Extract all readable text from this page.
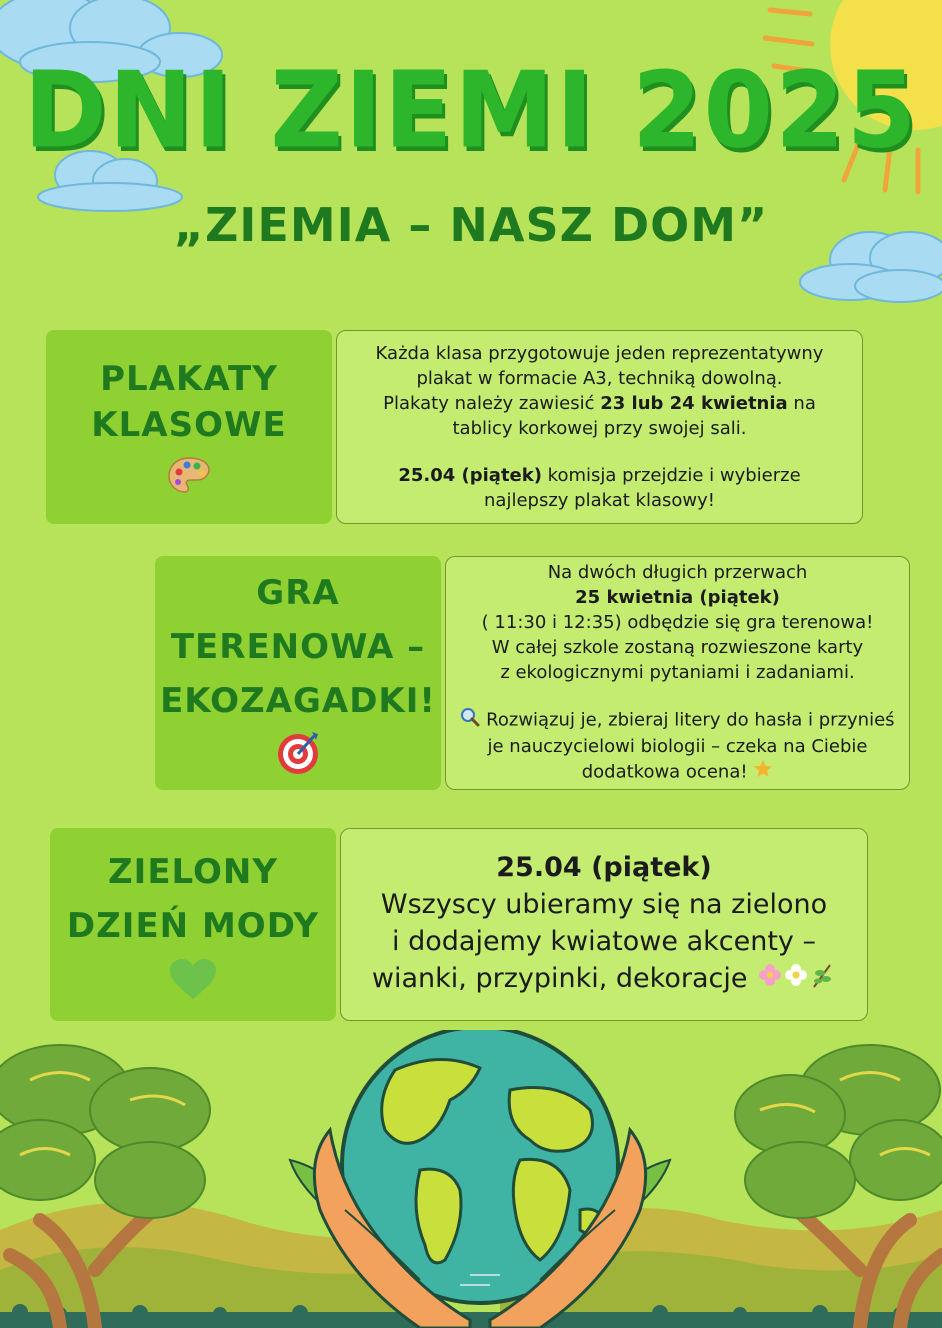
DNI ZIEMI 2025
„ZIEMIA – NASZ DOM”
PLAKATY
KLASOWE

Każda klasa przygotowuje jeden reprezentatywny

plakat w formacie A3, techniką dowolną.

Plakaty należy zawiesić 23 lub 24 kwietnia na

tablicy korkowej przy swojej sali.

25.04 (piątek) komisja przejdzie i wybierze

najlepszy plakat klasowy!

GRA
TERENOWA –
EKOZAGADKI!

Na dwóch długich przerwach

25 kwietnia (piątek)

( 11:30 i 12:35) odbędzie się gra terenowa!

W całej szkole zostaną rozwieszone karty

z ekologicznymi pytaniami i zadaniami.

Rozwiązuj je, zbieraj litery do hasła i przynieś

je nauczycielowi biologii – czeka na Ciebie

dodatkowa ocena!

ZIELONY
DZIEŃ MODY

25.04 (piątek)

Wszyscy ubieramy się na zielono

i dodajemy kwiatowe akcenty –

wianki, przypinki, dekoracje
